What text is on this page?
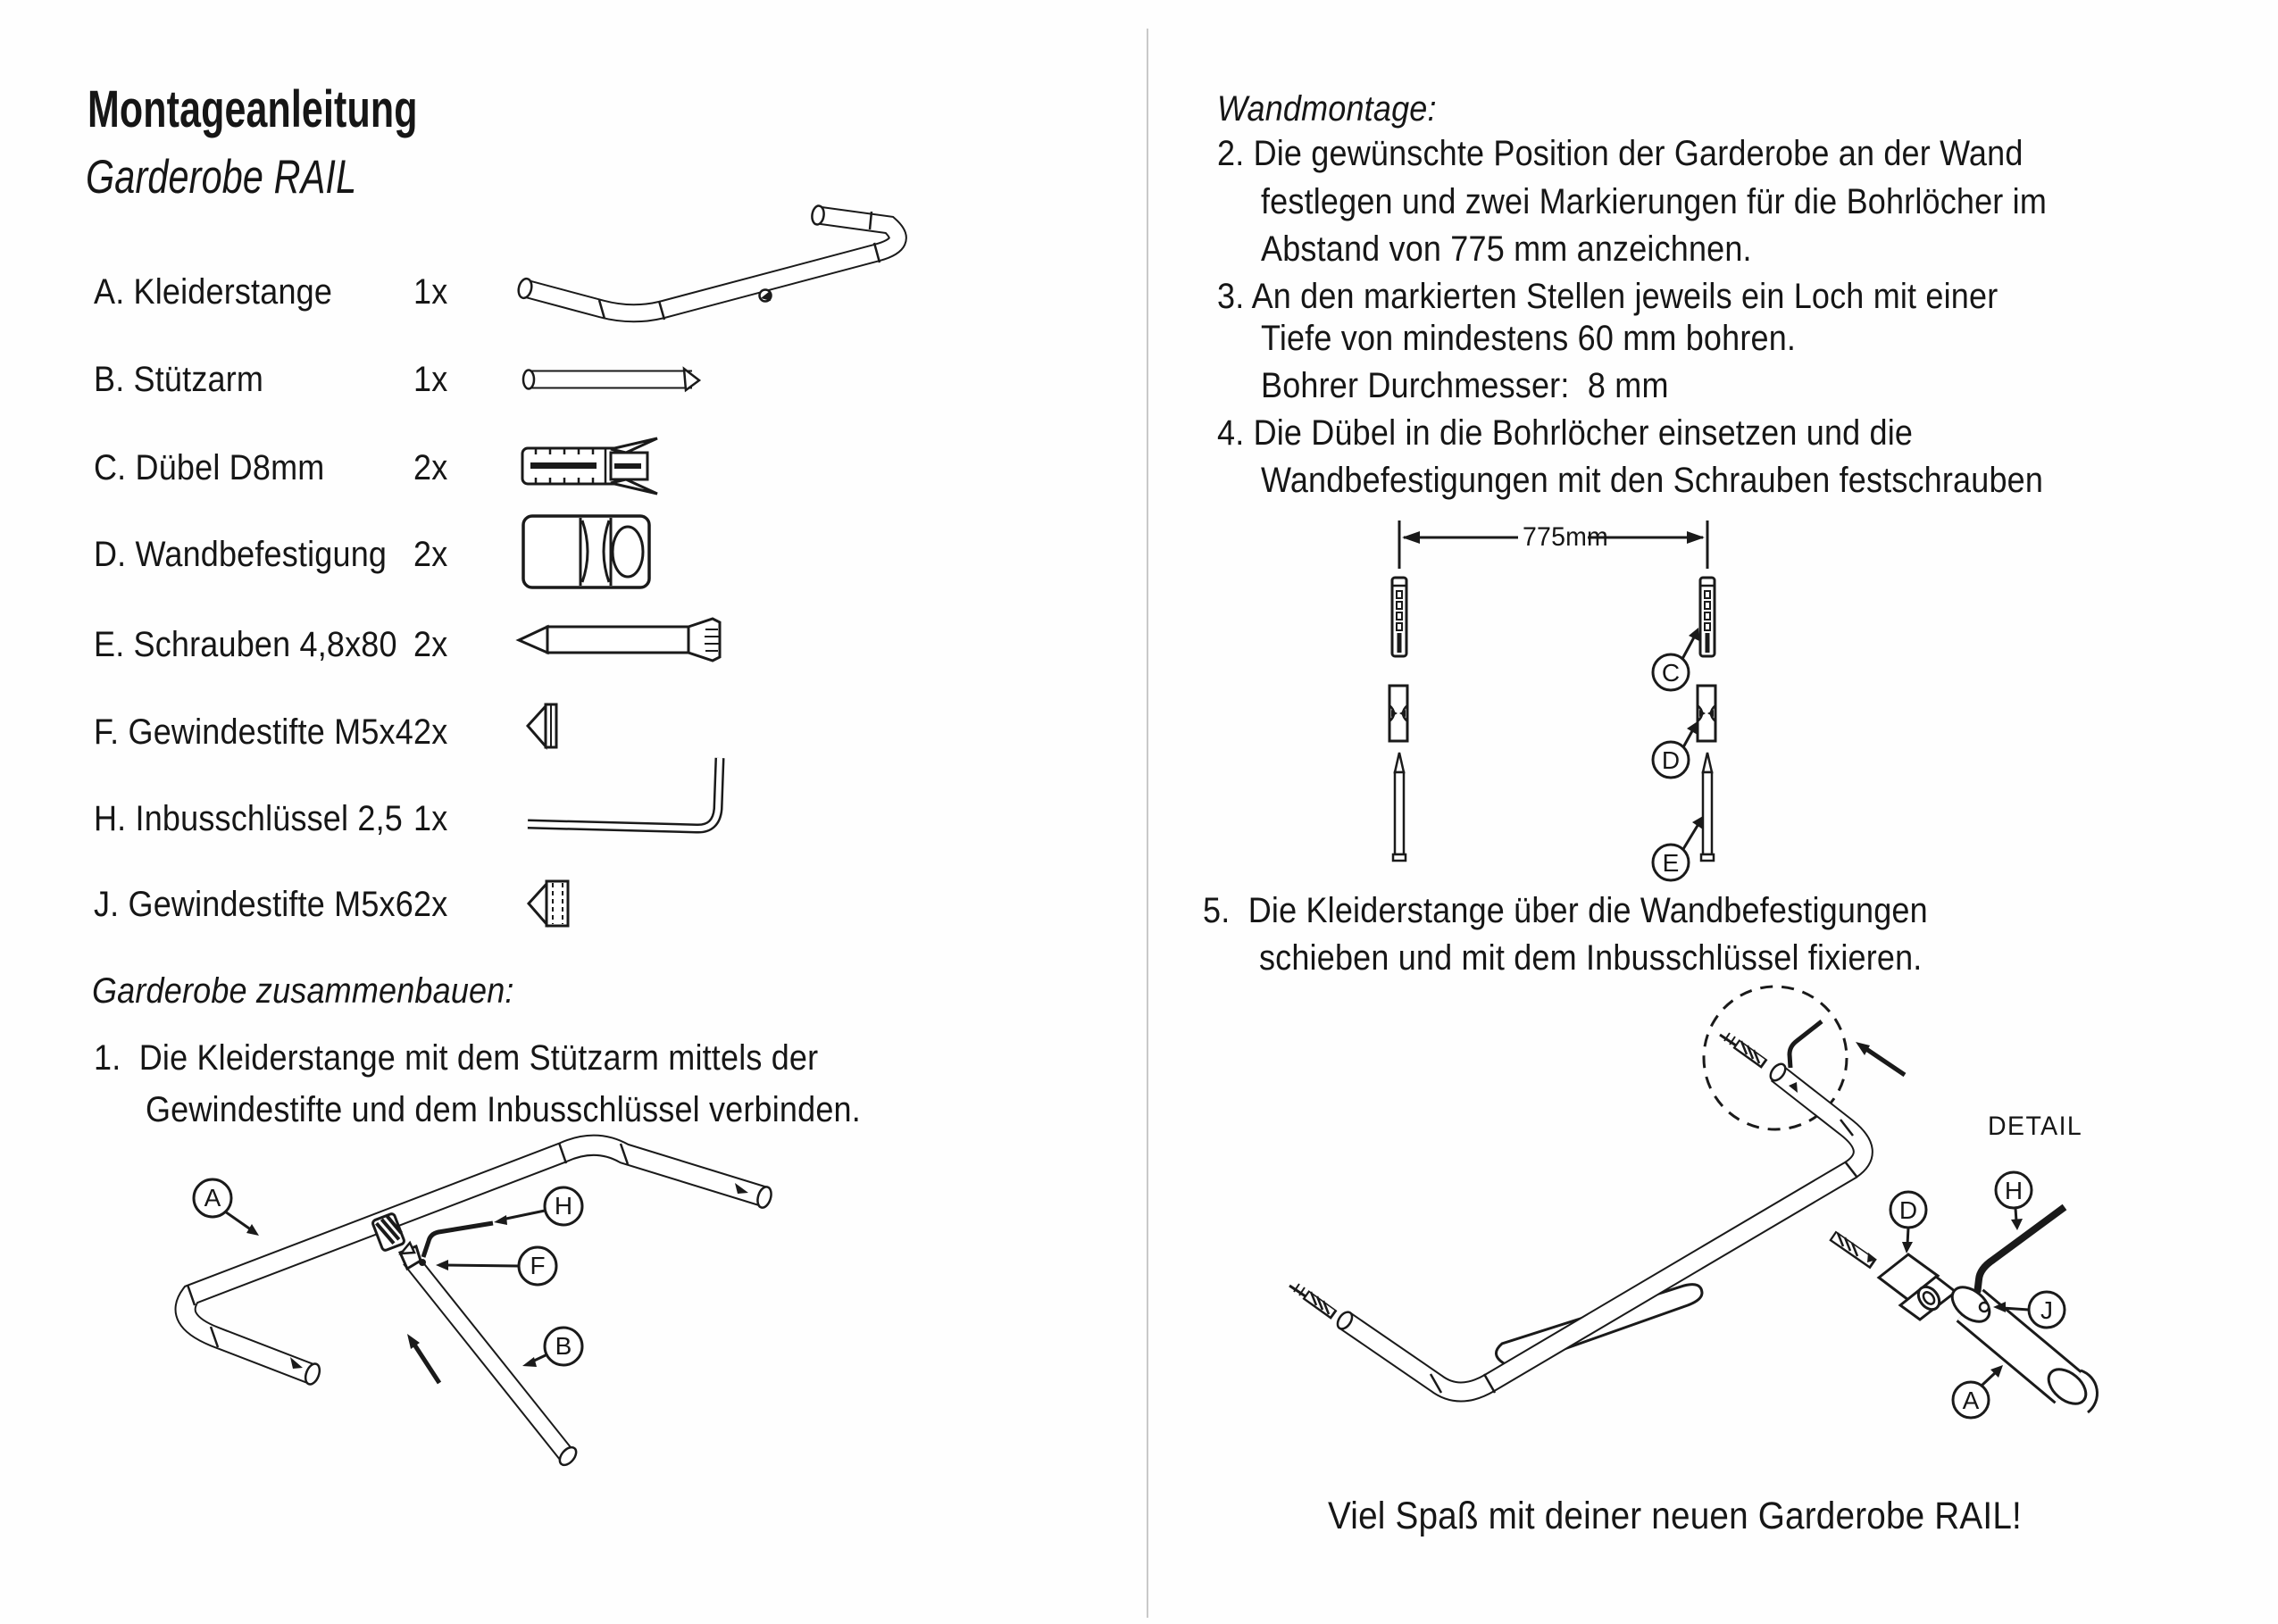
Montageanleitung
Garderobe RAIL
A. Kleiderstange 1x
B. Stützarm	1x
C. Dübel D8mm 2x
D. Wandbefestigung 2x
E. Schrauben 4,8x80 2x
F. Gewindestifte M5x4 2x
H. Inbusschlüssel 2,5 1x
J. Gewindestifte M5x6 2x
Garderobe zusammenbauen:
1.  Die Kleiderstange mit dem Stützarm mittels der
Gewindestifte und dem Inbusschlüssel verbinden.
Wandmontage:
2. Die gewünschte Position der Garderobe an der Wand
festlegen und zwei Markierungen für die Bohrlöcher im
Abstand von 775 mm anzeichnen.
3. An den markierten Stellen jeweils ein Loch mit einer
Tiefe von mindestens 60 mm bohren.
Bohrer Durchmesser:  8 mm
4. Die Dübel in die Bohrlöcher einsetzen und die
Wandbefestigungen mit den Schrauben festschrauben
775mm
5.  Die Kleiderstange über die Wandbefestigungen
schieben und mit dem Inbusschlüssel fixieren.
DETAIL
Viel Spaß mit deiner neuen Garderobe RAIL!
A	H
F
B
C
D
E
D
H
J
A
